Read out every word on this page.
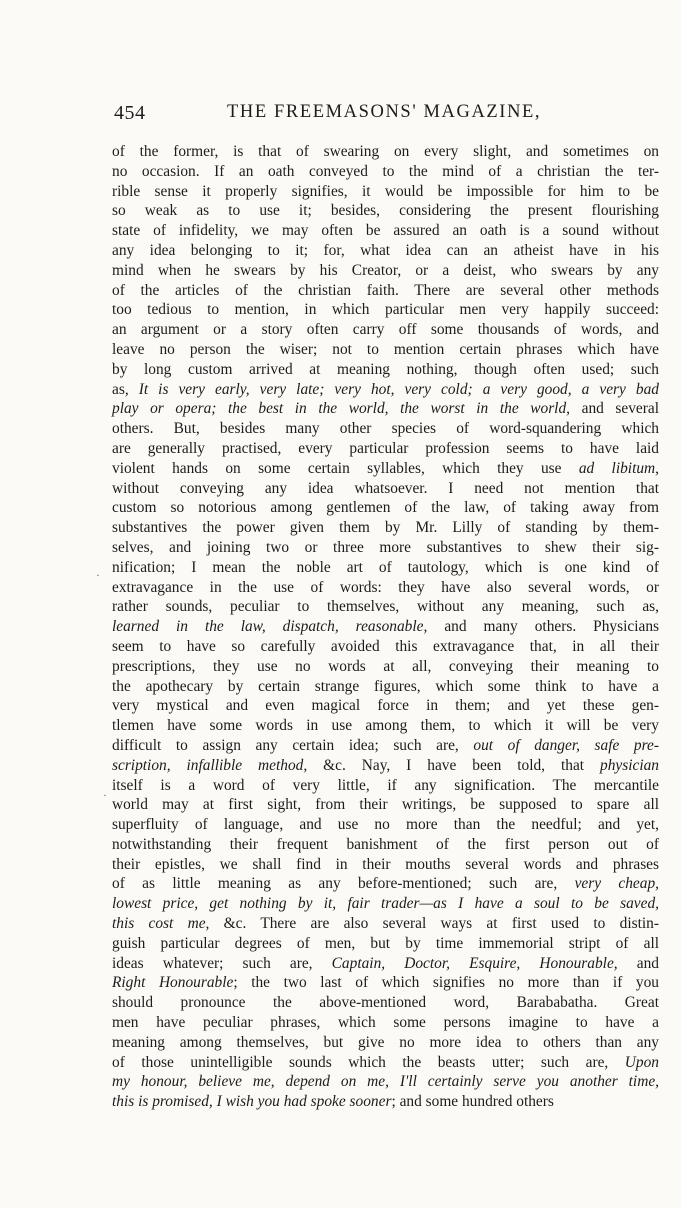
454	THE FREEMASONS' MAGAZINE,
of the former, is that of swearing on every slight, and sometimes on
no occasion. If an oath conveyed to the mind of a christian the ter-
rible sense it properly signifies, it would be impossible for him to be
so weak as to use it; besides, considering the present flourishing
state of infidelity, we may often be assured an oath is a sound without
any idea belonging to it; for, what idea can an atheist have in his
mind when he swears by his Creator, or a deist, who swears by any
of the articles of the christian faith. There are several other methods
too tedious to mention, in which particular men very happily succeed:
an argument or a story often carry off some thousands of words, and
leave no person the wiser; not to mention certain phrases which have
by long custom arrived at meaning nothing, though often used; such
as, It is very early, very late; very hot, very cold; a very good, a very bad
play or opera; the best in the world, the worst in the world, and several
others. But, besides many other species of word-squandering which
are generally practised, every particular profession seems to have laid
violent hands on some certain syllables, which they use ad libitum,
without conveying any idea whatsoever. I need not mention that
custom so notorious among gentlemen of the law, of taking away from
substantives the power given them by Mr. Lilly of standing by them-
selves, and joining two or three more substantives to shew their sig-
nification; I mean the noble art of tautology, which is one kind of
extravagance in the use of words: they have also several words, or
rather sounds, peculiar to themselves, without any meaning, such as,
learned in the law, dispatch, reasonable, and many others. Physicians
seem to have so carefully avoided this extravagance that, in all their
prescriptions, they use no words at all, conveying their meaning to
the apothecary by certain strange figures, which some think to have a
very mystical and even magical force in them; and yet these gen-
tlemen have some words in use among them, to which it will be very
difficult to assign any certain idea; such are, out of danger, safe pre-
scription, infallible method, &c. Nay, I have been told, that physician
itself is a word of very little, if any signification. The mercantile
world may at first sight, from their writings, be supposed to spare all
superfluity of language, and use no more than the needful; and yet,
notwithstanding their frequent banishment of the first person out of
their epistles, we shall find in their mouths several words and phrases
of as little meaning as any before-mentioned; such are, very cheap,
lowest price, get nothing by it, fair trader—as I have a soul to be saved,
this cost me, &c. There are also several ways at first used to distin-
guish particular degrees of men, but by time immemorial stript of all
ideas whatever; such are, Captain, Doctor, Esquire, Honourable, and
Right Honourable; the two last of which signifies no more than if you
should pronounce the above-mentioned word, Barababatha. Great
men have peculiar phrases, which some persons imagine to have a
meaning among themselves, but give no more idea to others than any
of those unintelligible sounds which the beasts utter; such are, Upon
my honour, believe me, depend on me, I'll certainly serve you another time,
this is promised, I wish you had spoke sooner; and some hundred others
·
·
